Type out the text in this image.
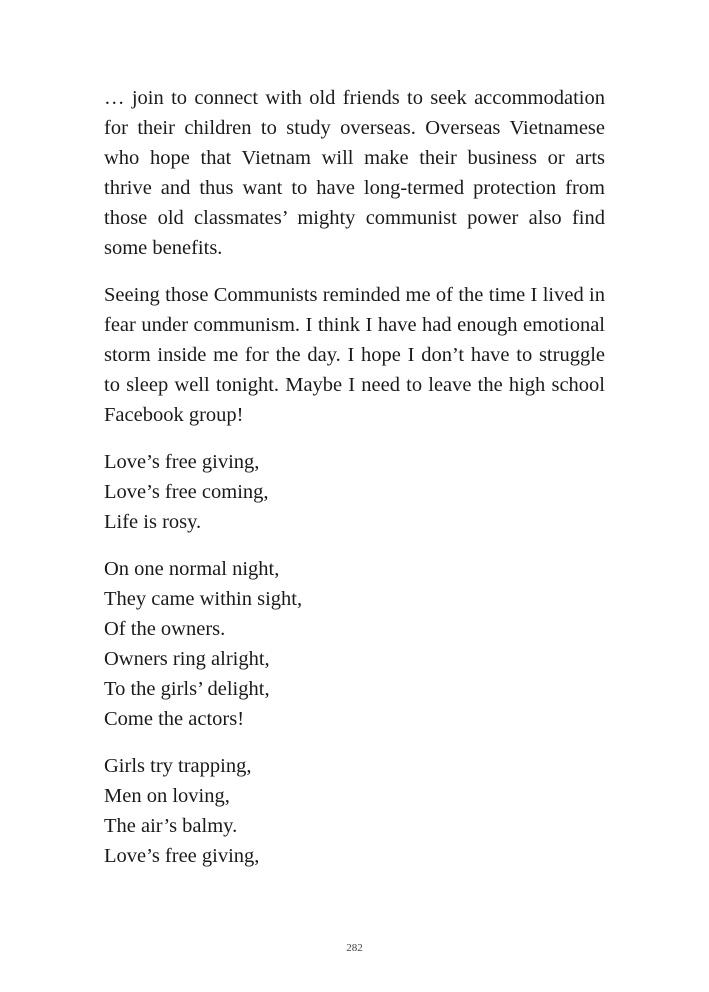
… join to connect with old friends to seek accommodation for their children to study overseas. Overseas Vietnamese who hope that Vietnam will make their business or arts thrive and thus want to have long-termed protection from those old classmates’ mighty communist power also find some benefits.

Seeing those Communists reminded me of the time I lived in fear under communism. I think I have had enough emotional storm inside me for the day. I hope I don’t have to struggle to sleep well tonight. Maybe I need to leave the high school Facebook group!

Love’s free giving,
Love’s free coming,
Life is rosy.
On one normal night,
They came within sight,
Of the owners.
Owners ring alright,
To the girls’ delight,
Come the actors!
Girls try trapping,
Men on loving,
The air’s balmy.
Love’s free giving,
282
